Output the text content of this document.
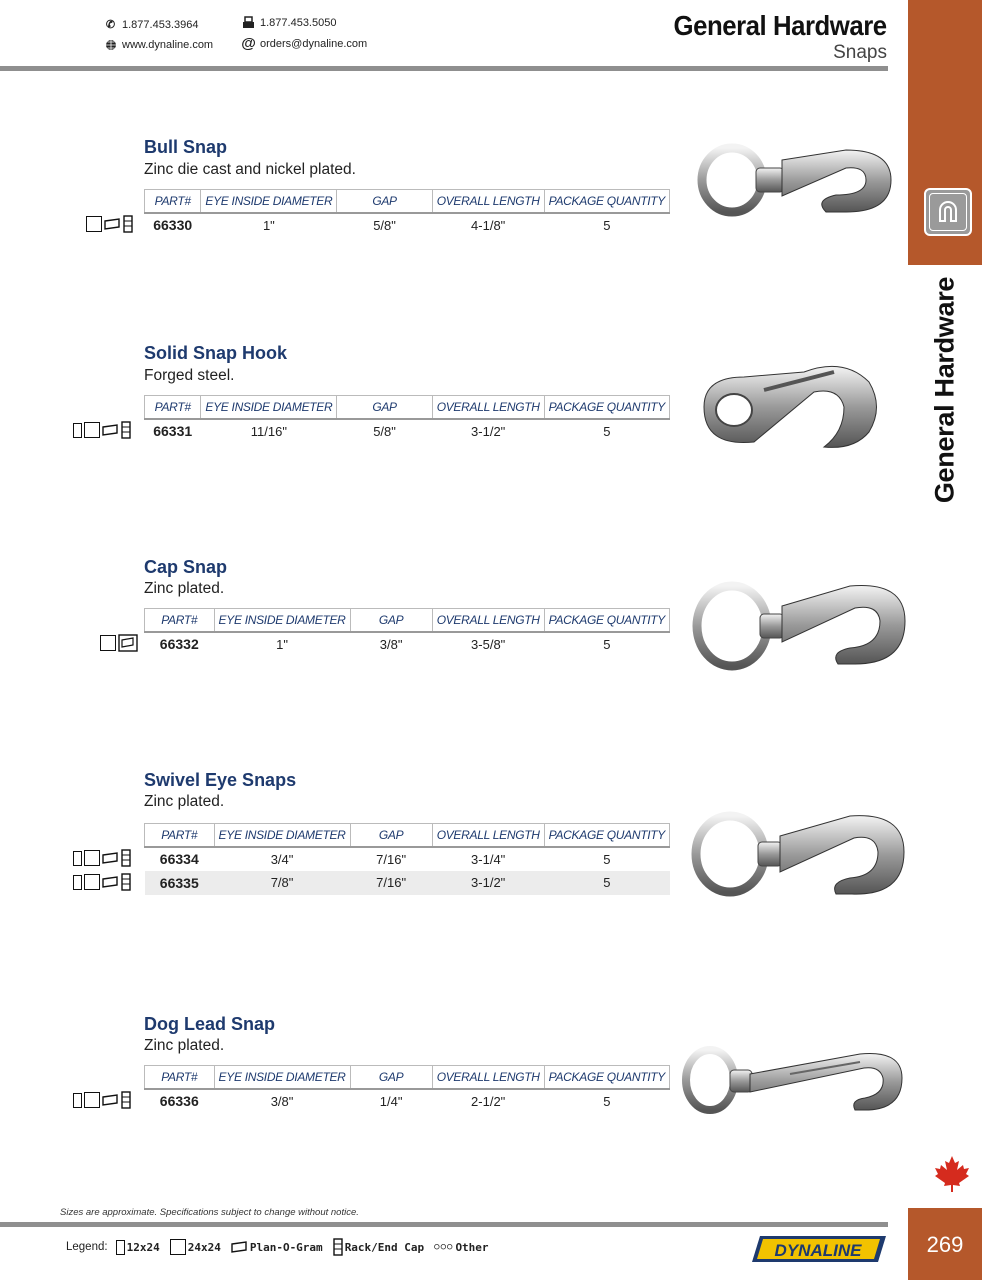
✆ 1.877.453.3964	1.877.453.5050
www.dynaline.com @ orders@dynaline.com
General Hardware
Snaps
General Hardware
Bull Snap
Zinc die cast and nickel plated.
PART#	EYE INSIDE DIAMETER	GAP	OVERALL LENGTH	PACKAGE QUANTITY
66330	1"	5/8"	4-1/8"	5
Solid Snap Hook
Forged steel.
PART#	EYE INSIDE DIAMETER	GAP	OVERALL LENGTH	PACKAGE QUANTITY
66331	11/16"	5/8"	3-1/2"	5
Cap Snap
Zinc plated.
PART#	EYE INSIDE DIAMETER	GAP	OVERALL LENGTH	PACKAGE QUANTITY
66332	1"	3/8"	3-5/8"	5
Swivel Eye Snaps
Zinc plated.
PART#	EYE INSIDE DIAMETER	GAP	OVERALL LENGTH	PACKAGE QUANTITY
66334	3/4"	7/16"	3-1/4"	5
66335	7/8"	7/16"	3-1/2"	5
Dog Lead Snap
Zinc plated.
PART#	EYE INSIDE DIAMETER	GAP	OVERALL LENGTH	PACKAGE QUANTITY
66336	3/8"	1/4"	2-1/2"	5
Sizes are approximate. Specifications subject to change without notice.
Legend: 12x24	24x24	Plan-O-Gram Rack/End Cap ○○○ Other	DYNALINE	269
